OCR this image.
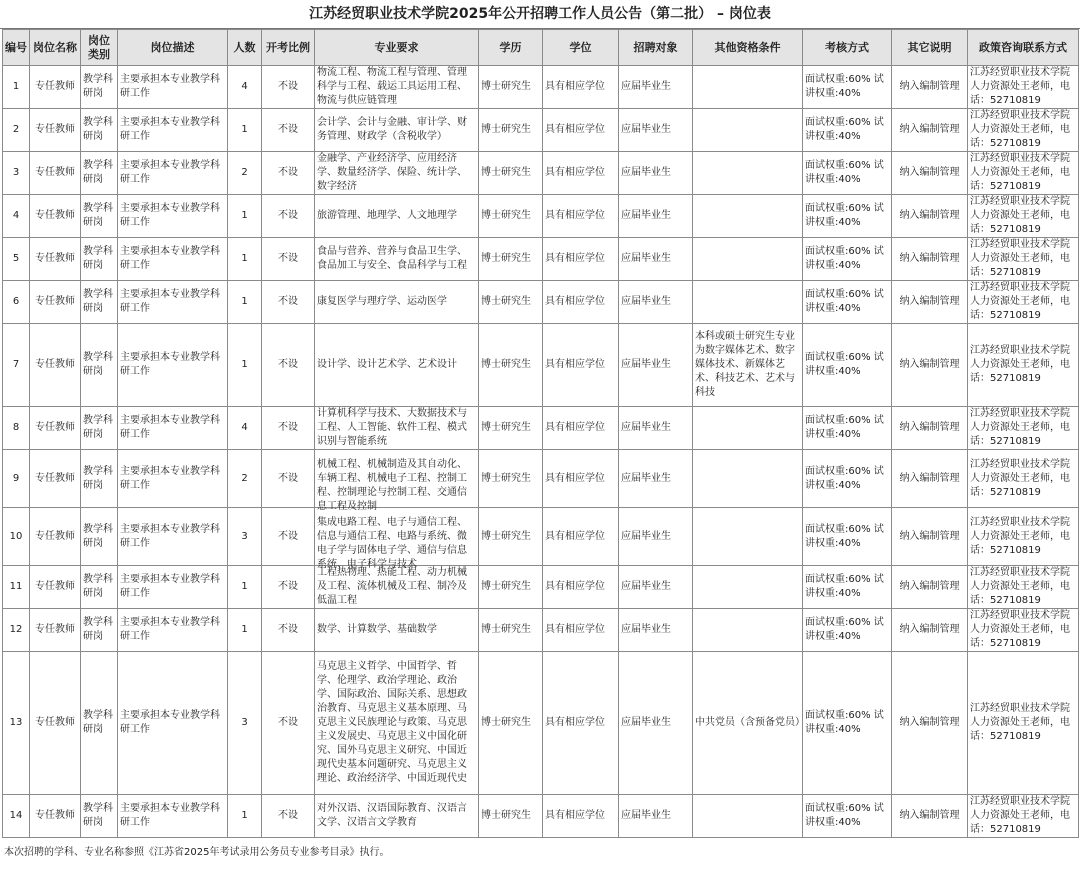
江苏经贸职业技术学院2025年公开招聘工作人员公告（第二批） – 岗位表
编号	岗位名称	岗位类别	岗位描述	人数	开考比例	专业要求	学历	学位	招聘对象	其他资格条件	考核方式	其它说明	政策咨询联系方式

1	专任教师	教学科研岗	主要承担本专业教学科研工作	4	不设	物流工程、物流工程与管理、管理科学与工程、载运工具运用工程、物流与供应链管理	博士研究生	具有相应学位	应届毕业生		面试权重:60% 试讲权重:40%	纳入编制管理	江苏经贸职业技术学院人力资源处王老师，电话：52710819

2	专任教师	教学科研岗	主要承担本专业教学科研工作	1	不设	会计学、会计与金融、审计学、财务管理、财政学（含税收学）	博士研究生	具有相应学位	应届毕业生		面试权重:60% 试讲权重:40%	纳入编制管理	江苏经贸职业技术学院人力资源处王老师，电话：52710819

3	专任教师	教学科研岗	主要承担本专业教学科研工作	2	不设	金融学、产业经济学、应用经济学、数量经济学、保险、统计学、数字经济	博士研究生	具有相应学位	应届毕业生		面试权重:60% 试讲权重:40%	纳入编制管理	江苏经贸职业技术学院人力资源处王老师，电话：52710819

4	专任教师	教学科研岗	主要承担本专业教学科研工作	1	不设	旅游管理、地理学、人文地理学	博士研究生	具有相应学位	应届毕业生		面试权重:60% 试讲权重:40%	纳入编制管理	江苏经贸职业技术学院人力资源处王老师，电话：52710819

5	专任教师	教学科研岗	主要承担本专业教学科研工作	1	不设	食品与营养、营养与食品卫生学、食品加工与安全、食品科学与工程	博士研究生	具有相应学位	应届毕业生		面试权重:60% 试讲权重:40%	纳入编制管理	江苏经贸职业技术学院人力资源处王老师，电话：52710819

6	专任教师	教学科研岗	主要承担本专业教学科研工作	1	不设	康复医学与理疗学、运动医学	博士研究生	具有相应学位	应届毕业生		面试权重:60% 试讲权重:40%	纳入编制管理	江苏经贸职业技术学院人力资源处王老师，电话：52710819

7	专任教师	教学科研岗	主要承担本专业教学科研工作	1	不设	设计学、设计艺术学、艺术设计	博士研究生	具有相应学位	应届毕业生	本科或硕士研究生专业为数字媒体艺术、数字媒体技术、新媒体艺术、科技艺术、艺术与科技	面试权重:60% 试讲权重:40%	纳入编制管理	江苏经贸职业技术学院人力资源处王老师，电话：52710819

8	专任教师	教学科研岗	主要承担本专业教学科研工作	4	不设	计算机科学与技术、大数据技术与工程、人工智能、软件工程、模式识别与智能系统	博士研究生	具有相应学位	应届毕业生		面试权重:60% 试讲权重:40%	纳入编制管理	江苏经贸职业技术学院人力资源处王老师，电话：52710819

9	专任教师	教学科研岗	主要承担本专业教学科研工作	2	不设	机械工程、机械制造及其自动化、车辆工程、机械电子工程、控制工程、控制理论与控制工程、交通信息工程及控制	博士研究生	具有相应学位	应届毕业生		面试权重:60% 试讲权重:40%	纳入编制管理	江苏经贸职业技术学院人力资源处王老师，电话：52710819

10	专任教师	教学科研岗	主要承担本专业教学科研工作	3	不设	集成电路工程、电子与通信工程、信息与通信工程、电路与系统、微电子学与固体电子学、通信与信息系统、电子科学与技术	博士研究生	具有相应学位	应届毕业生		面试权重:60% 试讲权重:40%	纳入编制管理	江苏经贸职业技术学院人力资源处王老师，电话：52710819

11	专任教师	教学科研岗	主要承担本专业教学科研工作	1	不设	工程热物理、热能工程、动力机械及工程、流体机械及工程、制冷及低温工程	博士研究生	具有相应学位	应届毕业生		面试权重:60% 试讲权重:40%	纳入编制管理	江苏经贸职业技术学院人力资源处王老师，电话：52710819

12	专任教师	教学科研岗	主要承担本专业教学科研工作	1	不设	数学、计算数学、基础数学	博士研究生	具有相应学位	应届毕业生		面试权重:60% 试讲权重:40%	纳入编制管理	江苏经贸职业技术学院人力资源处王老师，电话：52710819

13	专任教师	教学科研岗	主要承担本专业教学科研工作	3	不设	马克思主义哲学、中国哲学、哲学、伦理学、政治学理论、政治学、国际政治、国际关系、思想政治教育、马克思主义基本原理、马克思主义民族理论与政策、马克思主义发展史、马克思主义中国化研究、国外马克思主义研究、中国近现代史基本问题研究、马克思主义理论、政治经济学、中国近现代史	博士研究生	具有相应学位	应届毕业生	中共党员（含预备党员）	面试权重:60% 试讲权重:40%	纳入编制管理	江苏经贸职业技术学院人力资源处王老师，电话：52710819

14	专任教师	教学科研岗	主要承担本专业教学科研工作	1	不设	对外汉语、汉语国际教育、汉语言文学、汉语言文学教育	博士研究生	具有相应学位	应届毕业生		面试权重:60% 试讲权重:40%	纳入编制管理	江苏经贸职业技术学院人力资源处王老师，电话：52710819
本次招聘的学科、专业名称参照《江苏省2025年考试录用公务员专业参考目录》执行。
